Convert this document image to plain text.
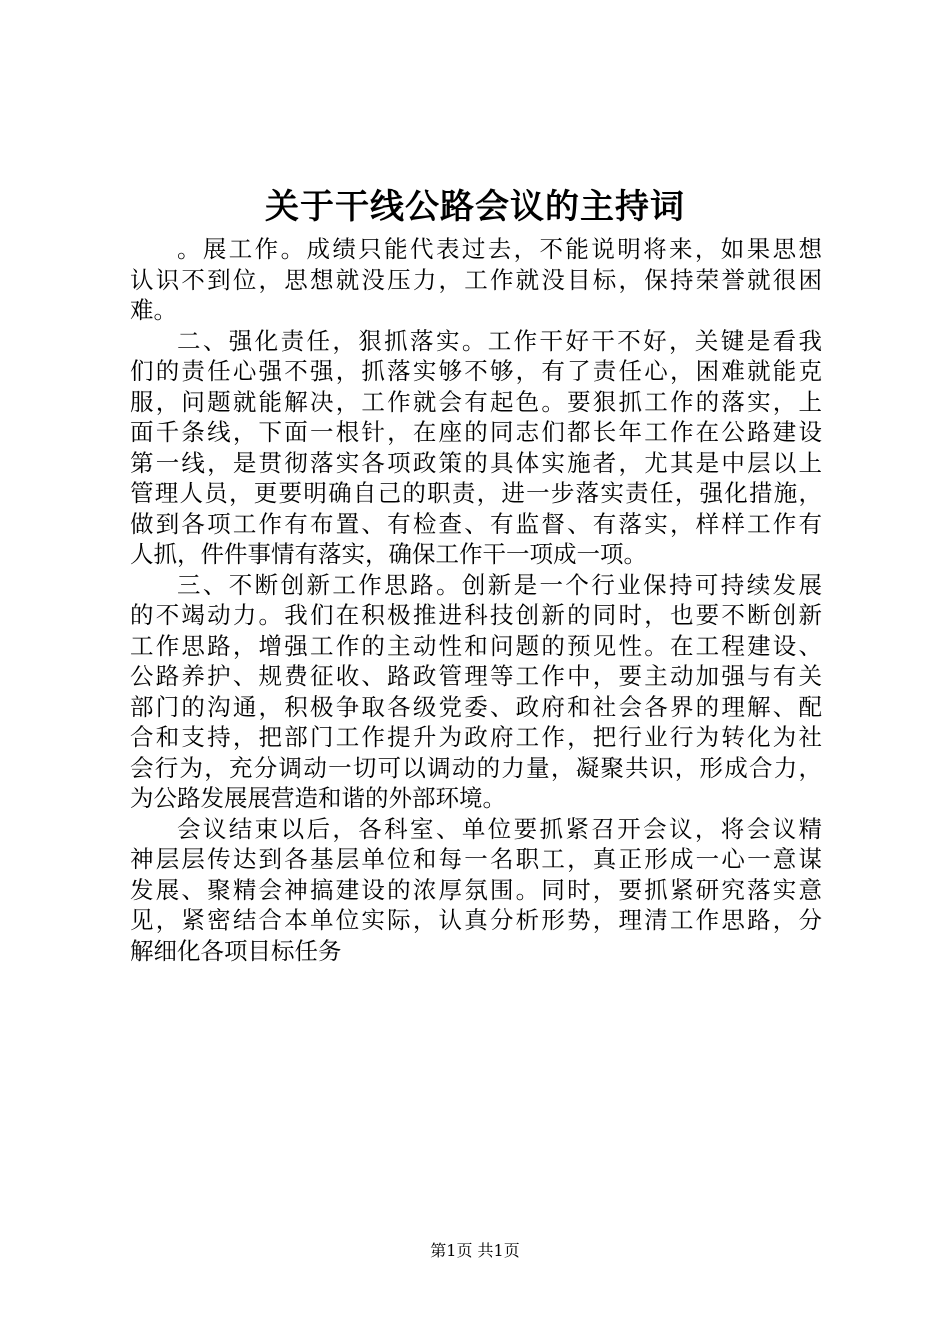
关于干线公路会议的主持词
。展工作。成绩只能代表过去，不能说明将来，如果思想
认识不到位，思想就没压力，工作就没目标，保持荣誉就很困
难。
二、强化责任，狠抓落实。工作干好干不好，关键是看我
们的责任心强不强，抓落实够不够，有了责任心，困难就能克
服，问题就能解决，工作就会有起色。要狠抓工作的落实，上
面千条线，下面一根针，在座的同志们都长年工作在公路建设
第一线，是贯彻落实各项政策的具体实施者，尤其是中层以上
管理人员，更要明确自己的职责，进一步落实责任，强化措施，
做到各项工作有布置、有检查、有监督、有落实，样样工作有
人抓，件件事情有落实，确保工作干一项成一项。
三、不断创新工作思路。创新是一个行业保持可持续发展
的不竭动力。我们在积极推进科技创新的同时，也要不断创新
工作思路，增强工作的主动性和问题的预见性。在工程建设、
公路养护、规费征收、路政管理等工作中，要主动加强与有关
部门的沟通，积极争取各级党委、政府和社会各界的理解、配
合和支持，把部门工作提升为政府工作，把行业行为转化为社
会行为，充分调动一切可以调动的力量，凝聚共识，形成合力，
为公路发展展营造和谐的外部环境。
会议结束以后，各科室、单位要抓紧召开会议，将会议精
神层层传达到各基层单位和每一名职工，真正形成一心一意谋
发展、聚精会神搞建设的浓厚氛围。同时，要抓紧研究落实意
见，紧密结合本单位实际，认真分析形势，理清工作思路，分
解细化各项目标任务
第1页 共1页
